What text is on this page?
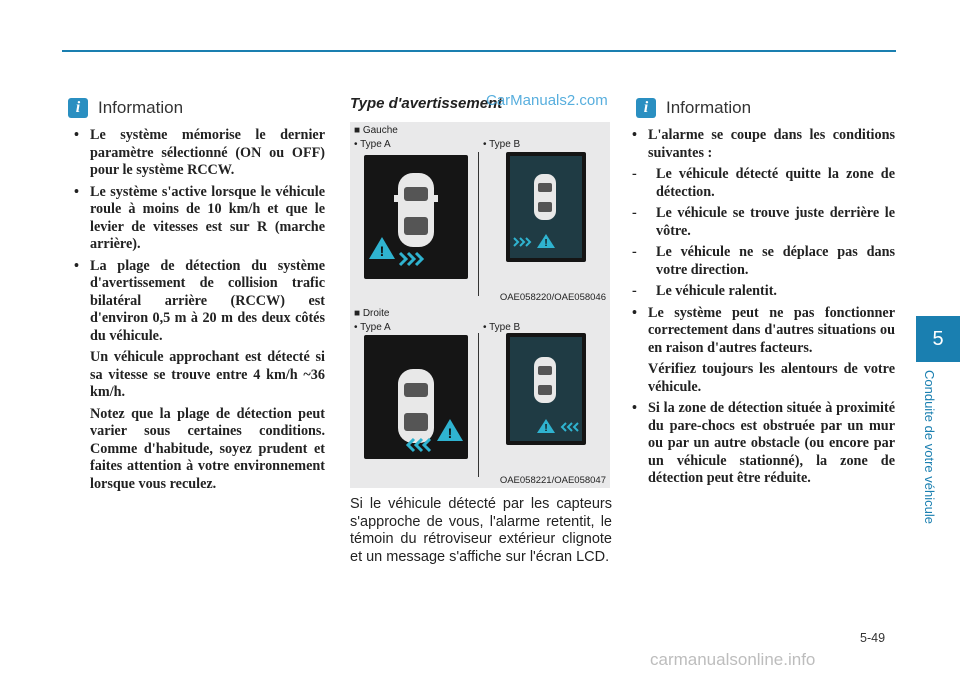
i	Information
• Le système mémorise le dernier paramètre sélectionné (ON ou OFF) pour le système RCCW.
• Le système s'active lorsque le véhicule roule à moins de 10 km/h et que le levier de vitesses est sur R (marche arrière).
• La plage de détection du système d'avertissement de collision trafic bilatéral arrière (RCCW) est d'environ 0,5 m à 20 m des deux côtés du véhicule.
Un véhicule approchant est détecté si sa vitesse se trouve entre 4 km/h ~36 km/h.
Notez que la plage de détection peut varier sous certaines conditions. Comme d'habitude, soyez prudent et faites attention à votre environnement lorsque vous reculez.
Type d'avertissement
CarManuals2.com
■ Gauche
• Type A	• Type B
!	!
OAE058220/OAE058046
■ Droite
• Type A	• Type B
!	!
OAE058221/OAE058047
Si le véhicule détecté par les capteurs s'approche de vous, l'alarme retentit, le témoin du rétroviseur extérieur clignote et un message s'affiche sur l'écran LCD.
i	Information
• L'alarme se coupe dans les conditions suivantes :
- Le véhicule détecté quitte la zone de détection.
- Le véhicule se trouve juste derrière le vôtre.
- Le véhicule ne se déplace pas dans votre direction.
- Le véhicule ralentit.
• Le système peut ne pas fonctionner correctement dans d'autres situations ou en raison d'autres facteurs.
Vérifiez toujours les alentours de votre véhicule.
• Si la zone de détection située à proximité du pare-chocs est obstruée par un mur ou par un autre obstacle (ou encore par un véhicule stationné), la zone de détection peut être réduite.
5
Conduite de votre véhicule
5-49
carmanualsonline.info
